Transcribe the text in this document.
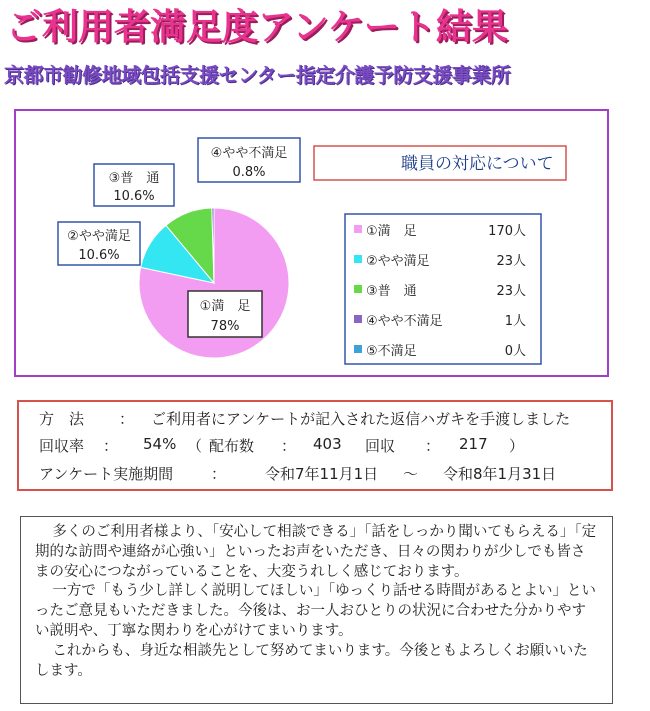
ご利用者満足度アンケート結果
京都市勧修地域包括支援センター指定介護予防支援事業所
④やや不満足
0.8%
③普　通
10.6%
②やや満足
10.6%
①満　足
78%
職員の対応について
①満　足	170人
②やや満足	23人
③普　通	23人
④やや不満足	1人
⑤不満足	0人
方　法 ： ご利用者にアンケートが記入された返信ハガキを手渡しました
回収率 ： 54% （ 配布数 ： 403 回収 ： 217 ）
アンケート実施期間	：	令和7年11月1日 ～ 令和8年1月31日

多くのご利用者様より、「安心して相談できる」「話をしっかり聞いてもらえる」「定期的な訪問や連絡が心強い」といったお声をいただき、日々の関わりが少しでも皆さまの安心につながっていることを、大変うれしく感じております。

一方で「もう少し詳しく説明してほしい」「ゆっくり話せる時間があるとよい」といったご意見もいただきました。今後は、お一人おひとりの状況に合わせた分かりやすい説明や、丁寧な関わりを心がけてまいります。

これからも、身近な相談先として努めてまいります。今後ともよろしくお願いいたします。
